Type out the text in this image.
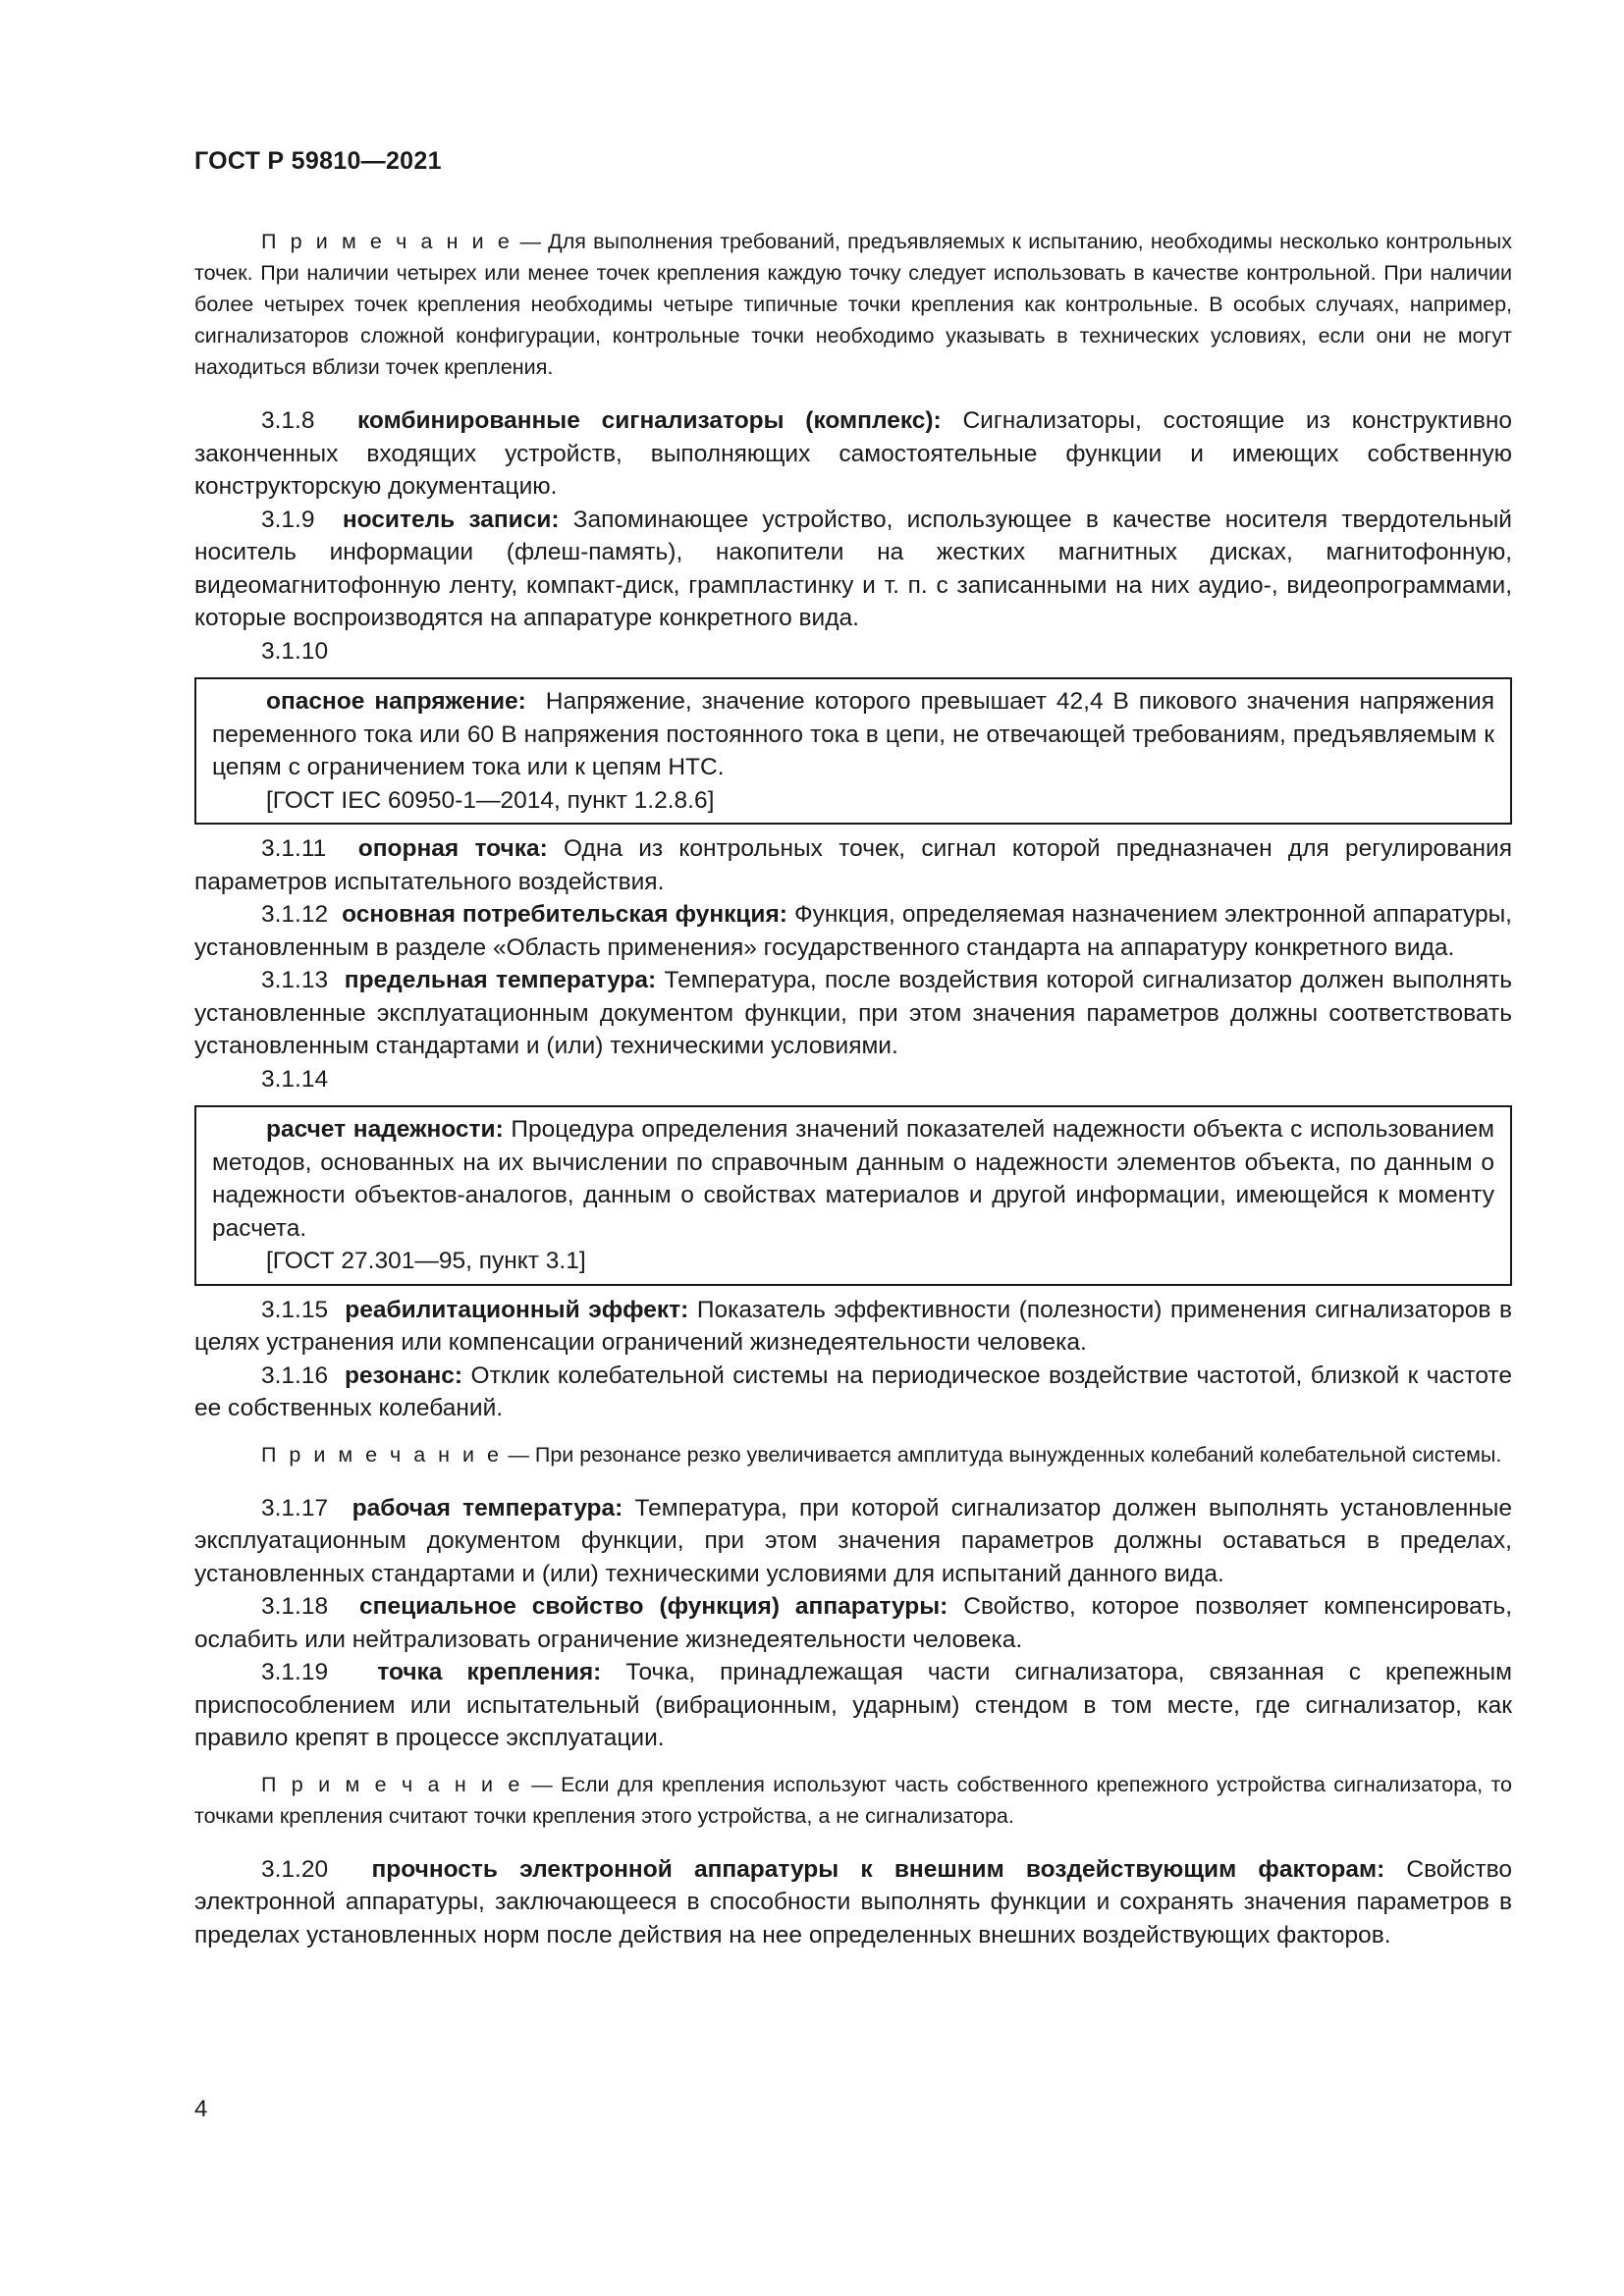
ГОСТ Р 59810—2021

П р и м е ч а н и е — Для выполнения требований, предъявляемых к испытанию, необходимы несколько контрольных точек. При наличии четырех или менее точек крепления каждую точку следует использовать в качестве контрольной. При наличии более четырех точек крепления необходимы четыре типичные точки крепления как контрольные. В особых случаях, например, сигнализаторов сложной конфигурации, контрольные точки необходимо указывать в технических условиях, если они не могут находиться вблизи точек крепления.

3.1.8  комбинированные сигнализаторы (комплекс): Сигнализаторы, состоящие из конструктивно законченных входящих устройств, выполняющих самостоятельные функции и имеющих собственную конструкторскую документацию.

3.1.9  носитель записи: Запоминающее устройство, использующее в качестве носителя твердотельный носитель информации (флеш-память), накопители на жестких магнитных дисках, магнитофонную, видеомагнитофонную ленту, компакт-диск, грампластинку и т. п. с записанными на них аудио-, видеопрограммами, которые воспроизводятся на аппаратуре конкретного вида.

3.1.10

опасное напряжение:  Напряжение, значение которого превышает 42,4 В пикового значения напряжения переменного тока или 60 В напряжения постоянного тока в цепи, не отвечающей требованиям, предъявляемым к цепям с ограничением тока или к цепям НТС.

[ГОСТ IEC 60950-1—2014, пункт 1.2.8.6]

3.1.11  опорная точка: Одна из контрольных точек, сигнал которой предназначен для регулирования параметров испытательного воздействия.

3.1.12  основная потребительская функция: Функция, определяемая назначением электронной аппаратуры, установленным в разделе «Область применения» государственного стандарта на аппаратуру конкретного вида.

3.1.13  предельная температура: Температура, после воздействия которой сигнализатор должен выполнять установленные эксплуатационным документом функции, при этом значения параметров должны соответствовать установленным стандартами и (или) техническими условиями.

3.1.14

расчет надежности: Процедура определения значений показателей надежности объекта с использованием методов, основанных на их вычислении по справочным данным о надежности элементов объекта, по данным о надежности объектов-аналогов, данным о свойствах материалов и другой информации, имеющейся к моменту расчета.

[ГОСТ 27.301—95, пункт 3.1]

3.1.15  реабилитационный эффект: Показатель эффективности (полезности) применения сигнализаторов в целях устранения или компенсации ограничений жизнедеятельности человека.

3.1.16  резонанс: Отклик колебательной системы на периодическое воздействие частотой, близкой к частоте ее собственных колебаний.

П р и м е ч а н и е — При резонансе резко увеличивается амплитуда вынужденных колебаний колебательной системы.

3.1.17  рабочая температура: Температура, при которой сигнализатор должен выполнять установленные эксплуатационным документом функции, при этом значения параметров должны оставаться в пределах, установленных стандартами и (или) техническими условиями для испытаний данного вида.

3.1.18  специальное свойство (функция) аппаратуры: Свойство, которое позволяет компенсировать, ослабить или нейтрализовать ограничение жизнедеятельности человека.

3.1.19  точка крепления: Точка, принадлежащая части сигнализатора, связанная с крепежным приспособлением или испытательный (вибрационным, ударным) стендом в том месте, где сигнализатор, как правило крепят в процессе эксплуатации.

П р и м е ч а н и е — Если для крепления используют часть собственного крепежного устройства сигнализатора, то точками крепления считают точки крепления этого устройства, а не сигнализатора.

3.1.20  прочность электронной аппаратуры к внешним воздействующим факторам: Свойство электронной аппаратуры, заключающееся в способности выполнять функции и сохранять значения параметров в пределах установленных норм после действия на нее определенных внешних воздействующих факторов.

4
